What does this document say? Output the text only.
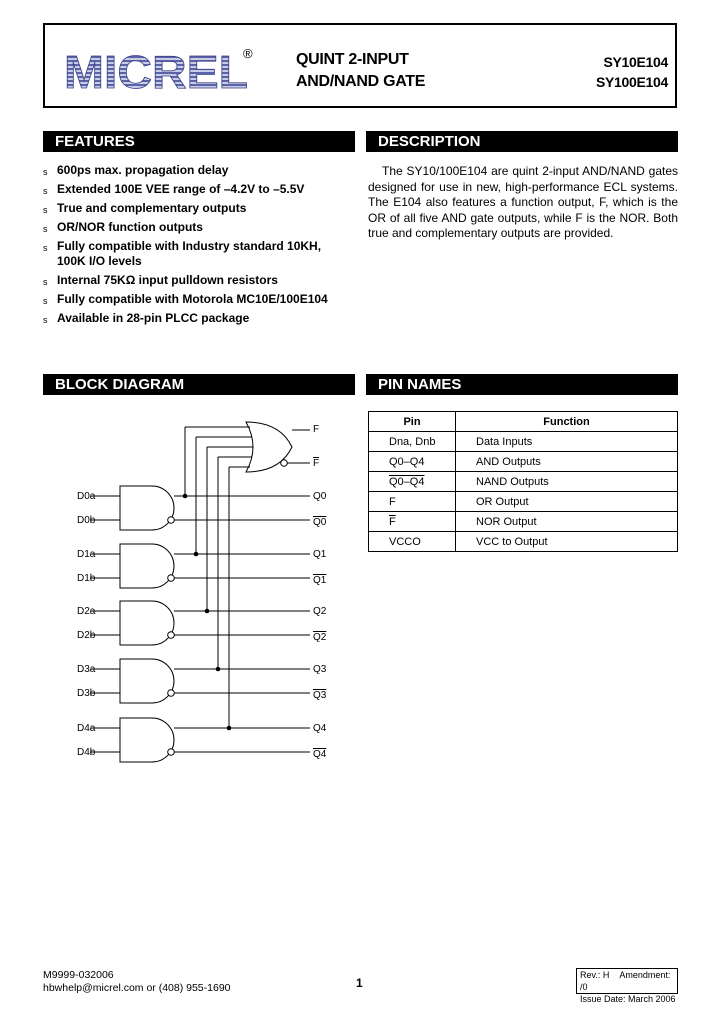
MICREL
®	QUINT 2-INPUT
AND/NAND GATE
SY10E104
SY100E104
FEATURES
s 600ps max. propagation delay
s Extended 100E VEE range of –4.2V to –5.5V
s True and complementary outputs
s OR/NOR function outputs
s Fully compatible with Industry standard 10KH, 100K I/O levels
s Internal 75KΩ input pulldown resistors
s Fully compatible with Motorola MC10E/100E104
s Available in 28-pin PLCC package
DESCRIPTION
The SY10/100E104 are quint 2-input AND/NAND gates designed for use in new, high-performance ECL systems. The E104 also features a function output, F, which is the OR of all five AND gate outputs, while F is the NOR. Both true and complementary outputs are provided.
BLOCK DIAGRAM
F
F
D0a
D0b
Q0
Q0
D1a
D1b
Q1
Q1
D2a
D2b
Q2
Q2
D3a
D3b
Q3
Q3
D4a
D4b
Q4
Q4
PIN NAMES
Pin	Function
Dna, Dnb	Data Inputs
Q0–Q4	AND Outputs
Q0–Q4	NAND Outputs
F	OR Output
$\overline{F}$	NOR Output
VCCO	VCC to Output
M9999-032006
hbwhelp@micrel.com or (408) 955-1690	1
Rev.: H Amendment: /0
Issue Date: March 2006
